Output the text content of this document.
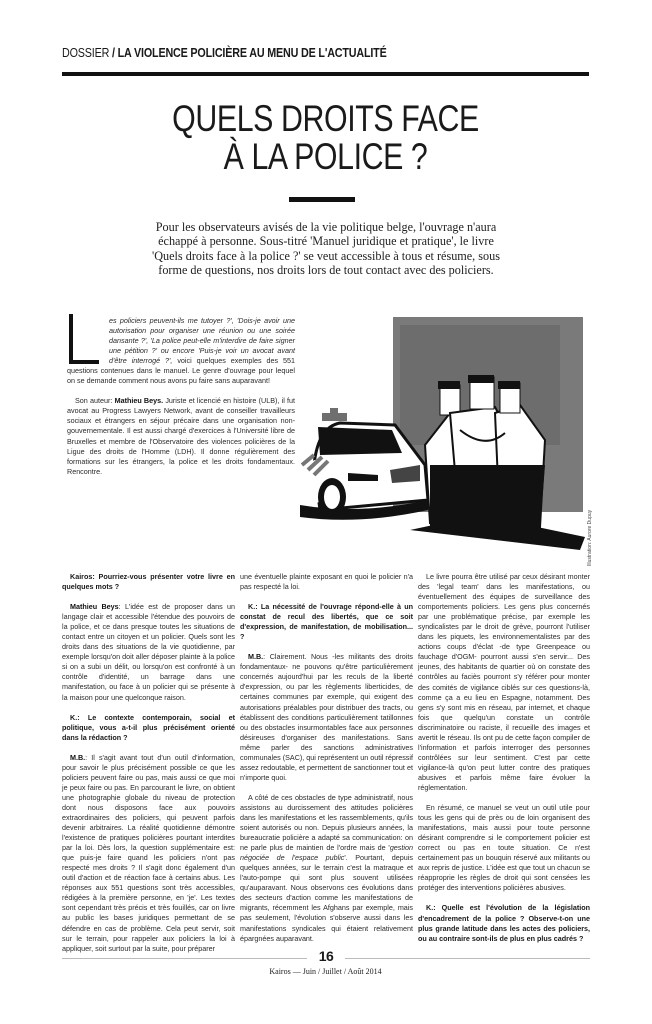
DOSSIER / LA VIOLENCE POLICIÈRE AU MENU DE L'ACTUALITÉ
QUELS DROITS FACE
À LA POLICE ?

Pour les observateurs avisés de la vie politique belge, l'ouvrage n'aura échappé à personne. Sous-titré 'Manuel juridique et pratique', le livre 'Quels droits face à la police ?' se veut accessible à tous et résume, sous forme de questions, nos droits lors de tout contact avec des policiers.

es policiers peuvent-ils me tutoyer ?', 'Dois-je avoir une autorisation pour organiser une réunion ou une soirée dansante ?', 'La police peut-elle m'interdire de faire signer une pétition ?' ou encore 'Puis-je voir un avocat avant d'être interrogé ?', voici quelques exemples des 551 questions contenues dans le manuel. Le genre d'ouvrage pour lequel on se demande comment nous avons pu faire sans auparavant!

Son auteur: Mathieu Beys. Juriste et licencié en histoire (ULB), il fut avocat au Progress Lawyers Network, avant de conseiller travailleurs sociaux et étrangers en séjour précaire dans une organisation non-gouvernementale. Il est aussi chargé d'exercices à l'Université libre de Bruxelles et membre de l'Observatoire des violences policières de la Ligue des droits de l'Homme (LDH). Il donne régulièrement des formations sur les étrangers, la police et les droits fondamentaux. Rencontre.

Illustration: Aurore Dupuy

Kairos: Pourriez-vous présenter votre livre en quelques mots ?

Mathieu Beys: L'idée est de proposer dans un langage clair et accessible l'étendue des pouvoirs de la police, et ce dans presque toutes les situations de contact entre un citoyen et un policier. Quels sont les droits dans des situations de la vie quotidienne, par exemple lorsqu'on doit aller déposer plainte à la police si on a subi un délit, ou lorsqu'on est confronté à un contrôle d'identité, un barrage dans une manifestation, ou face à un policier qui se présente à la maison pour une quelconque raison.

K.: Le contexte contemporain, social et politique, vous a-t-il plus précisément orienté dans la rédaction ?

M.B.: Il s'agit avant tout d'un outil d'information, pour savoir le plus précisément possible ce que les policiers peuvent faire ou pas, mais aussi ce que moi je peux faire ou pas. En parcourant le livre, on obtient une photographie globale du niveau de protection dont nous disposons face aux pouvoirs extraordinaires des policiers, qui peuvent parfois devenir arbitraires. La réalité quotidienne démontre l'existence de pratiques policières pourtant interdites par la loi. Dès lors, la question supplémentaire est: que puis-je faire quand les policiers n'ont pas respecté mes droits ? Il s'agit donc également d'un outil d'action et de réaction face à certains abus. Les réponses aux 551 questions sont très accessibles, rédigées à la première personne, en 'je'. Les textes sont cependant très précis et très fouillés, car on livre au public les bases juridiques permettant de se défendre en cas de problème. Cela peut servir, soit sur le terrain, pour rappeler aux policiers la loi à appliquer, soit surtout par la suite, pour préparer

une éventuelle plainte exposant en quoi le policier n'a pas respecté la loi.

K.: La nécessité de l'ouvrage répond-elle à un constat de recul des libertés, que ce soit d'expression, de manifestation, de mobilisation... ?

M.B.: Clairement. Nous -les militants des droits fondamentaux- ne pouvons qu'être particulièrement concernés aujourd'hui par les reculs de la liberté d'expression, ou par les règlements liberticides, de certaines communes par exemple, qui exigent des autorisations préalables pour distribuer des tracts, ou établissent des conditions particulièrement tatillonnes ou des obstacles insurmontables face aux personnes désireuses d'organiser des manifestations. Sans même parler des sanctions administratives communales (SAC), qui représentent un outil répressif assez redoutable, et permettent de sanctionner tout et n'importe quoi.

A côté de ces obstacles de type administratif, nous assistons au durcissement des attitudes policières dans les manifestations et les rassemblements, qu'ils soient autorisés ou non. Depuis plusieurs années, la bureaucratie policière a adapté sa communication: on ne parle plus de maintien de l'ordre mais de 'gestion négociée de l'espace public'. Pourtant, depuis quelques années, sur le terrain c'est la matraque et l'auto-pompe qui sont plus souvent utilisées qu'auparavant. Nous observons ces évolutions dans des secteurs d'action comme les manifestations de migrants, récemment les Afghans par exemple, mais pas seulement, l'évolution s'observe aussi dans les manifestations syndicales qui étaient relativement épargnées auparavant.

Le livre pourra être utilisé par ceux désirant monter des 'legal team' dans les manifestations, ou éventuellement des équipes de surveillance des comportements policiers. Les gens plus concernés par une problématique précise, par exemple les syndicalistes par le droit de grève, pourront l'utiliser dans les piquets, les environnementalistes par des actions coups d'éclat -de type Greenpeace ou fauchage d'OGM- pourront aussi s'en servir... Des jeunes, des habitants de quartier où on constate des contrôles au faciès pourront s'y référer pour monter des comités de vigilance ciblés sur ces questions-là, comme ça a eu lieu en Espagne, notamment. Des gens s'y sont mis en réseau, par internet, et chaque fois que quelqu'un constate un contrôle discriminatoire ou raciste, il recueille des images et avertit le réseau. Ils ont pu de cette façon compiler de l'information et parfois interroger des personnes contrôlées sur leur sentiment. C'est par cette vigilance-là qu'on peut lutter contre des pratiques abusives et parfois même faire évoluer la réglementation.

En résumé, ce manuel se veut un outil utile pour tous les gens qui de près ou de loin organisent des manifestations, mais aussi pour toute personne désirant comprendre si le comportement policier est correct ou pas en toute situation. Ce n'est certainement pas un bouquin réservé aux militants ou aux repris de justice. L'idée est que tout un chacun se réapproprie les règles de droit qui sont censées les protéger des interventions policières abusives.

K.: Quelle est l'évolution de la législation d'encadrement de la police ? Observe-t-on une plus grande latitude dans les actes des policiers, ou au contraire sont-ils de plus en plus cadrés ?

16
Kairos — Juin / Juillet / Août 2014
